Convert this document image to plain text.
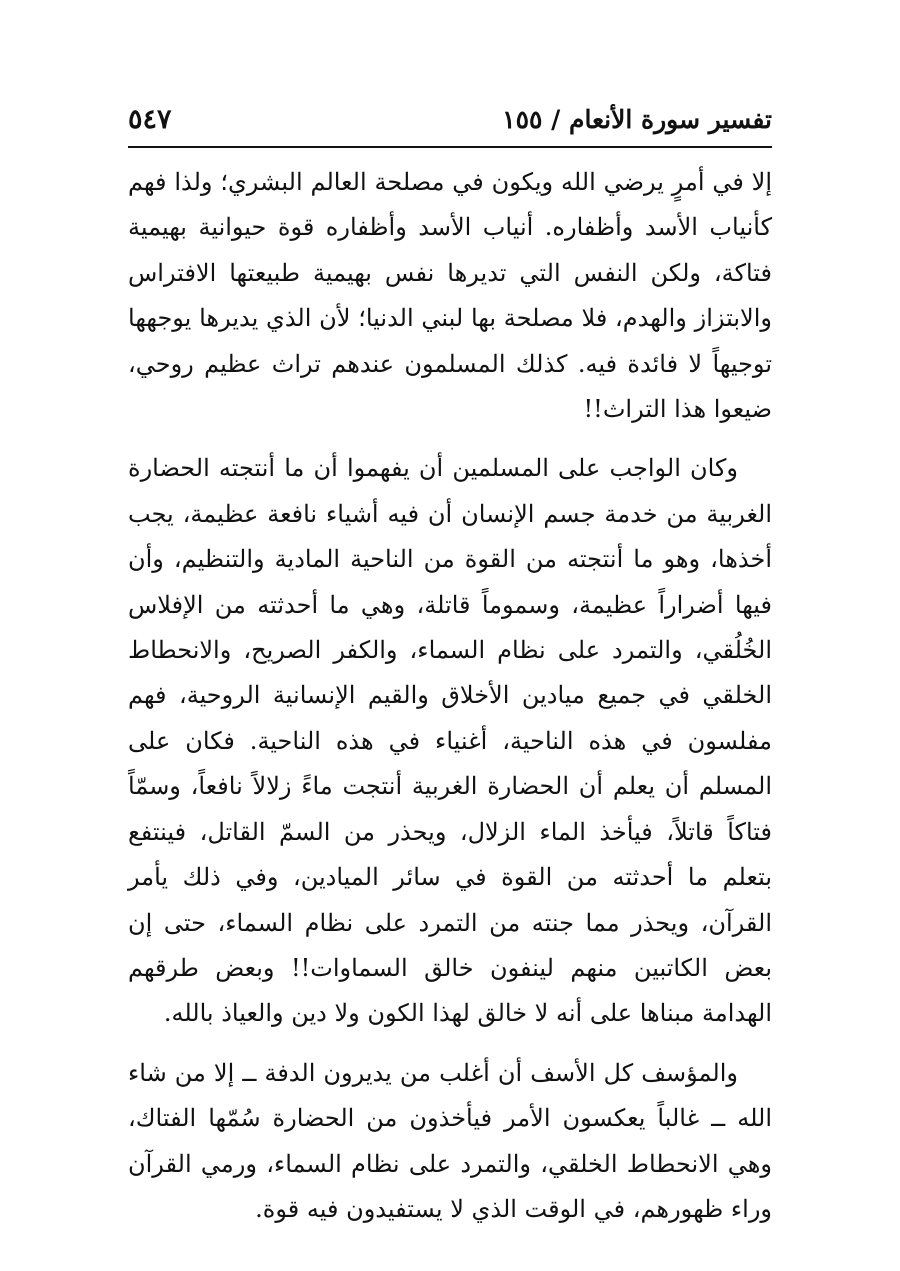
تفسير سورة الأنعام / ١٥٥
٥٤٧

إلا في أمرٍ يرضي الله ويكون في مصلحة العالم البشري؛ ولذا فهم كأنياب الأسد وأظفاره. أنياب الأسد وأظفاره قوة حيوانية بهيمية فتاكة، ولكن النفس التي تديرها نفس بهيمية طبيعتها الافتراس والابتزاز والهدم، فلا مصلحة بها لبني الدنيا؛ لأن الذي يديرها يوجهها توجيهاً لا فائدة فيه. كذلك المسلمون عندهم تراث عظيم روحي، ضيعوا هذا التراث!!

وكان الواجب على المسلمين أن يفهموا أن ما أنتجته الحضارة الغربية من خدمة جسم الإنسان أن فيه أشياء نافعة عظيمة، يجب أخذها، وهو ما أنتجته من القوة من الناحية المادية والتنظيم، وأن فيها أضراراً عظيمة، وسموماً قاتلة، وهي ما أحدثته من الإفلاس الخُلُقي، والتمرد على نظام السماء، والكفر الصريح، والانحطاط الخلقي في جميع ميادين الأخلاق والقيم الإنسانية الروحية، فهم مفلسون في هذه الناحية، أغنياء في هذه الناحية. فكان على المسلم أن يعلم أن الحضارة الغربية أنتجت ماءً زلالاً نافعاً، وسمّاً فتاكاً قاتلاً، فيأخذ الماء الزلال، ويحذر من السمّ القاتل، فينتفع بتعلم ما أحدثته من القوة في سائر الميادين، وفي ذلك يأمر القرآن، ويحذر مما جنته من التمرد على نظام السماء، حتى إن بعض الكاتبين منهم لينفون خالق السماوات!! وبعض طرقهم الهدامة مبناها على أنه لا خالق لهذا الكون ولا دين والعياذ بالله.

والمؤسف كل الأسف أن أغلب من يديرون الدفة ــ إلا من شاء الله ــ غالباً يعكسون الأمر فيأخذون من الحضارة سُمّها الفتاك، وهي الانحطاط الخلقي، والتمرد على نظام السماء، ورمي القرآن وراء ظهورهم، في الوقت الذي لا يستفيدون فيه قوة.
